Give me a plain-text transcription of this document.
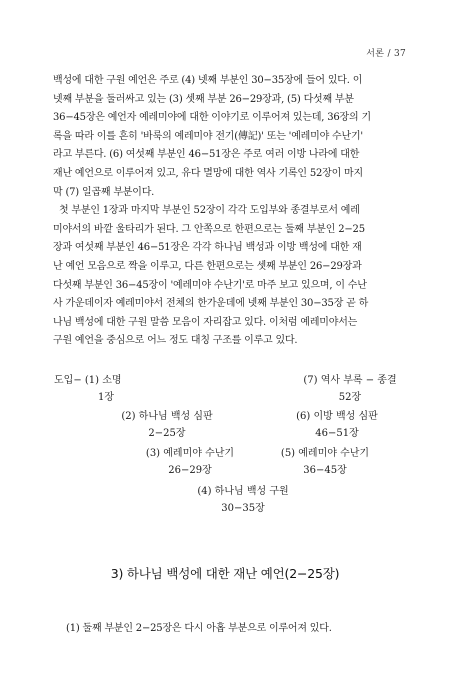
서론 / 37
백성에 대한 구원 예언은 주로 (4) 넷째 부분인 30−35장에 들어 있다. 이
넷째 부분을 둘러싸고 있는 (3) 셋째 부분 26−29장과, (5) 다섯째 부분
36−45장은 예언자 예레미야에 대한 이야기로 이루어져 있는데, 36장의 기
록을 따라 이를 흔히 '바룩의 예레미야 전기(傳記)' 또는 '예레미야 수난기'
라고 부른다. (6) 여섯째 부분인 46−51장은 주로 여러 이방 나라에 대한
재난 예언으로 이루어져 있고, 유다 멸망에 대한 역사 기록인 52장이 마지
막 (7) 일곱째 부분이다.
첫 부분인 1장과 마지막 부분인 52장이 각각 도입부와 종결부로서 예레
미야서의 바깥 울타리가 된다. 그 안쪽으로 한편으로는 둘째 부분인 2−25
장과 여섯째 부분인 46−51장은 각각 하나님 백성과 이방 백성에 대한 재
난 예언 모음으로 짝을 이루고, 다른 한편으로는 셋째 부분인 26−29장과
다섯째 부분인 36−45장이 '예레미야 수난기'로 마주 보고 있으며, 이 수난
사 가운데이자 예레미야서 전체의 한가운데에 넷째 부분인 30−35장 곧 하
나님 백성에 대한 구원 말씀 모음이 자리잡고 있다. 이처럼 예레미야서는
구원 예언을 중심으로 어느 정도 대칭 구조를 이루고 있다.
도입− (1) 소명
1장
(7) 역사 부록 − 종결
52장
(2) 하나님 백성 심판
2−25장
(6) 이방 백성 심판
46−51장
(3) 예레미야 수난기
26−29장
(5) 예레미야 수난기
36−45장
(4) 하나님 백성 구원
30−35장
3) 하나님 백성에 대한 재난 예언(2−25장)
(1) 둘째 부분인 2−25장은 다시 아홉 부분으로 이루어져 있다.
